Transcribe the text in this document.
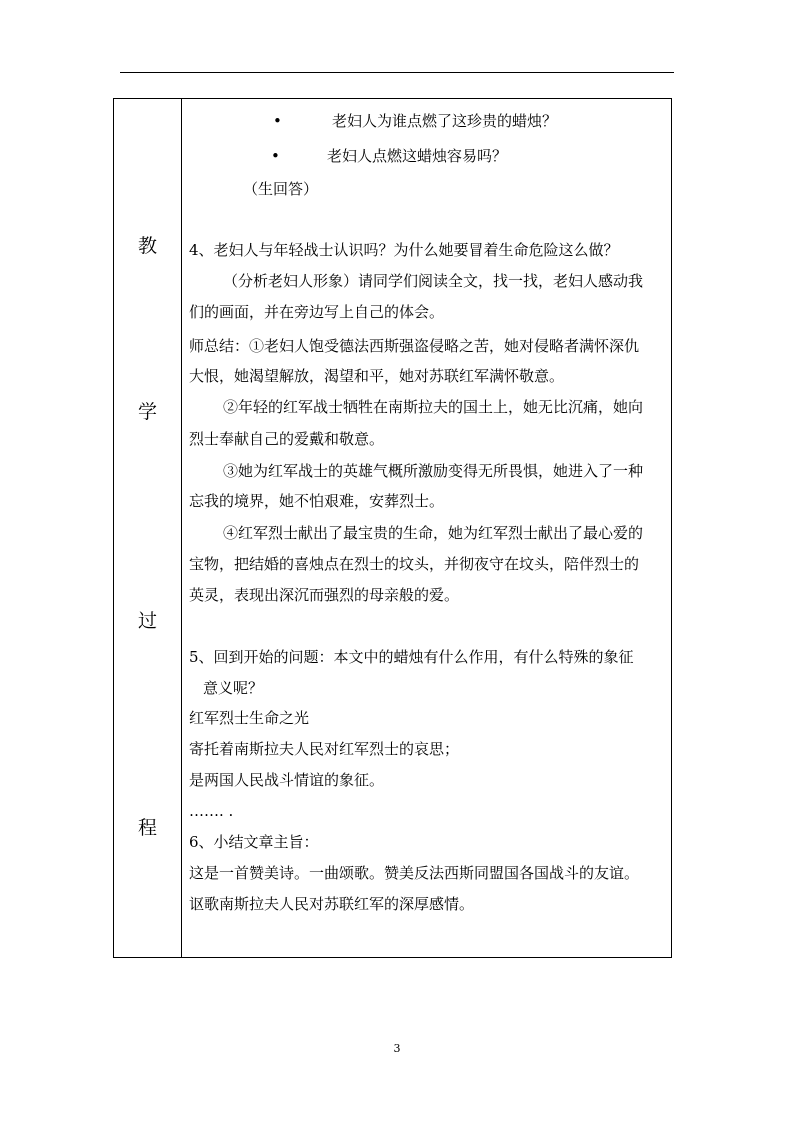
教
学
过
程
•	老妇人为谁点燃了这珍贵的蜡烛？
•	老妇人点燃这蜡烛容易吗？
（生回答）
4、老妇人与年轻战士认识吗？为什么她要冒着生命危险这么做？
（分析老妇人形象）请同学们阅读全文，找一找，老妇人感动我
们的画面，并在旁边写上自己的体会。
师总结：①老妇人饱受德法西斯强盗侵略之苦，她对侵略者满怀深仇
大恨，她渴望解放，渴望和平，她对苏联红军满怀敬意。
②年轻的红军战士牺牲在南斯拉夫的国土上，她无比沉痛，她向
烈士奉献自己的爱戴和敬意。
③她为红军战士的英雄气概所激励变得无所畏惧，她进入了一种
忘我的境界，她不怕艰难，安葬烈士。
④红军烈士献出了最宝贵的生命，她为红军烈士献出了最心爱的
宝物，把结婚的喜烛点在烈士的坟头，并彻夜守在坟头，陪伴烈士的
英灵，表现出深沉而强烈的母亲般的爱。
5、回到开始的问题：本文中的蜡烛有什么作用，有什么特殊的象征
意义呢？
红军烈士生命之光
寄托着南斯拉夫人民对红军烈士的哀思；
是两国人民战斗情谊的象征。
……. .
6、小结文章主旨：
这是一首赞美诗。一曲颂歌。赞美反法西斯同盟国各国战斗的友谊。
讴歌南斯拉夫人民对苏联红军的深厚感情。
3
